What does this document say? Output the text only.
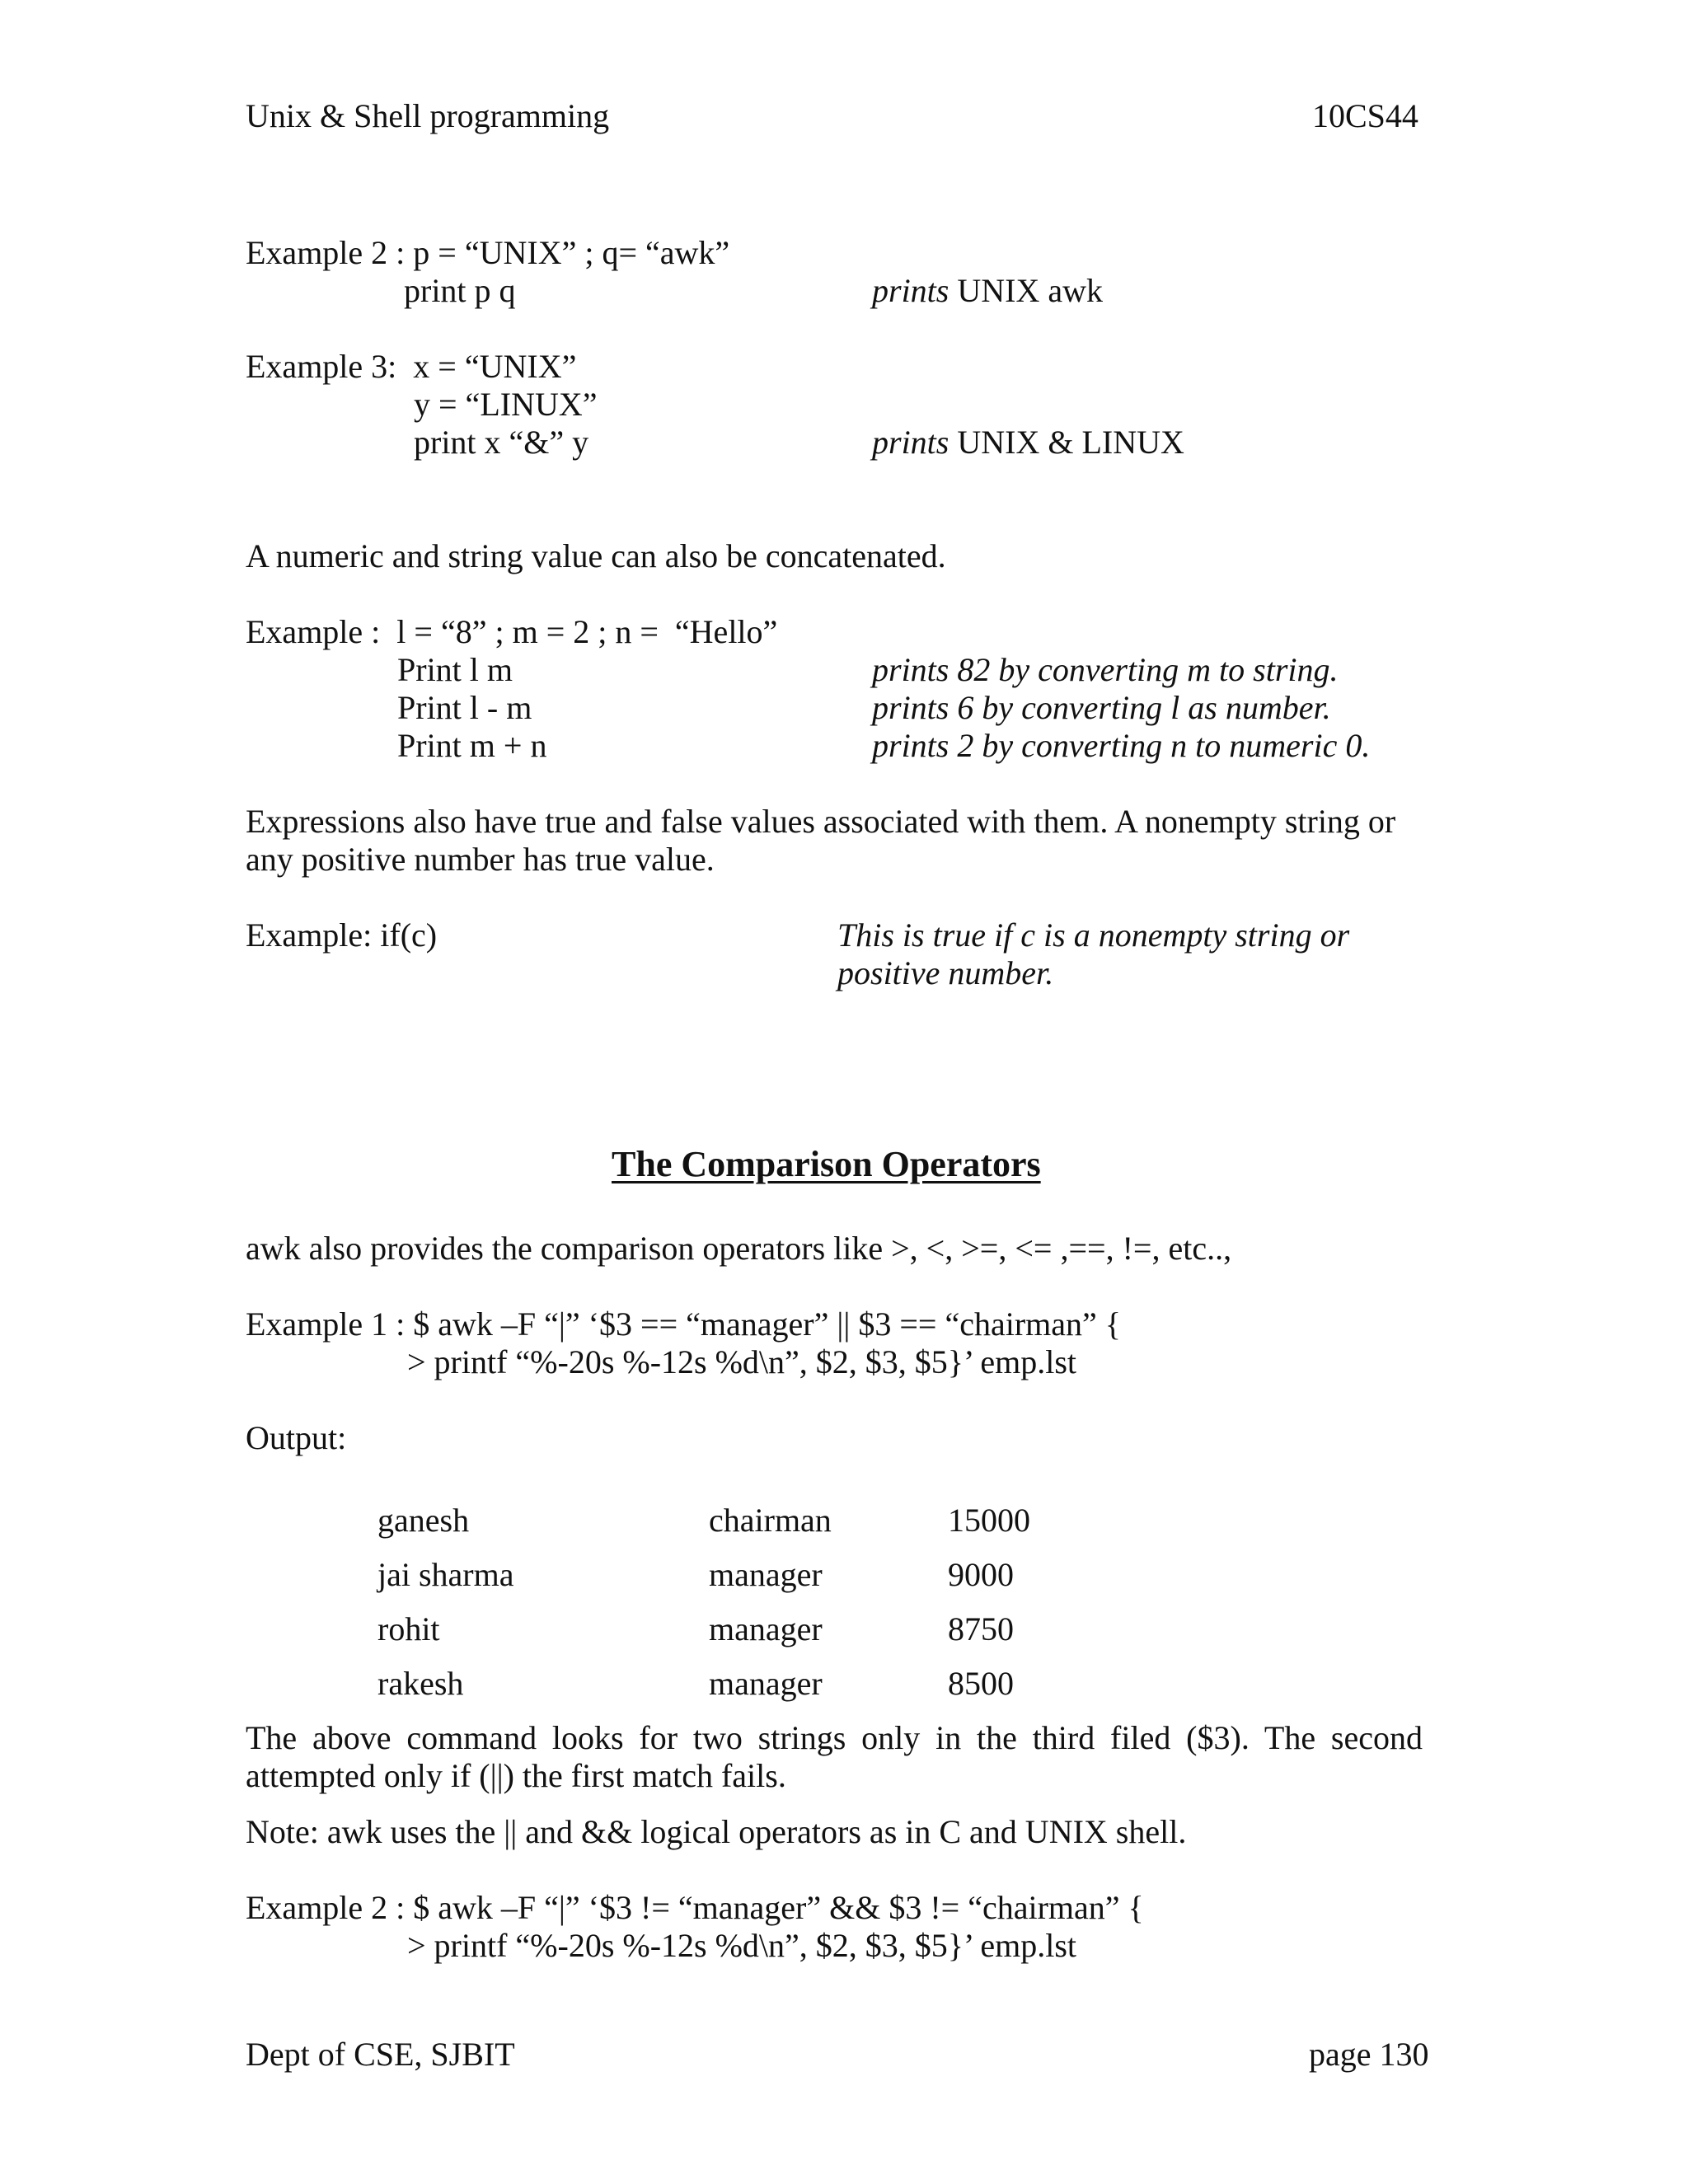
Unix & Shell programming	10CS44
Example 2 : p = “UNIX” ; q= “awk”
print p q	prints UNIX awk
Example 3:  x = “UNIX”
y = “LINUX”
print x “&” y	prints UNIX & LINUX
A numeric and string value can also be concatenated.
Example :  l = “8” ; m = 2 ; n =  “Hello”
Print l m	prints 82 by converting m to string.
Print l - m	prints 6 by converting l as number.
Print m + n	prints 2 by converting n to numeric 0.
Expressions also have true and false values associated with them. A nonempty string or
any positive number has true value.
Example: if(c)	This is true if c is a nonempty string or
positive number.
The Comparison Operators
awk also provides the comparison operators like >, <, >=, <= ,==, !=, etc..,
Example 1 : $ awk –F “|” ‘$3 == “manager” || $3 == “chairman” {
> printf “%-20s %-12s %d\n”, $2, $3, $5}’ emp.lst
Output:
ganesh	chairman	15000
jai sharma	manager	9000
rohit	manager	8750
rakesh	manager	8500
The above command looks for two strings only in the third filed ($3). The second attempted only if (||) the first match fails.
Note: awk uses the || and && logical operators as in C and UNIX shell.
Example 2 : $ awk –F “|” ‘$3 != “manager” && $3 != “chairman” {
> printf “%-20s %-12s %d\n”, $2, $3, $5}’ emp.lst
Dept of CSE, SJBIT	page 130
